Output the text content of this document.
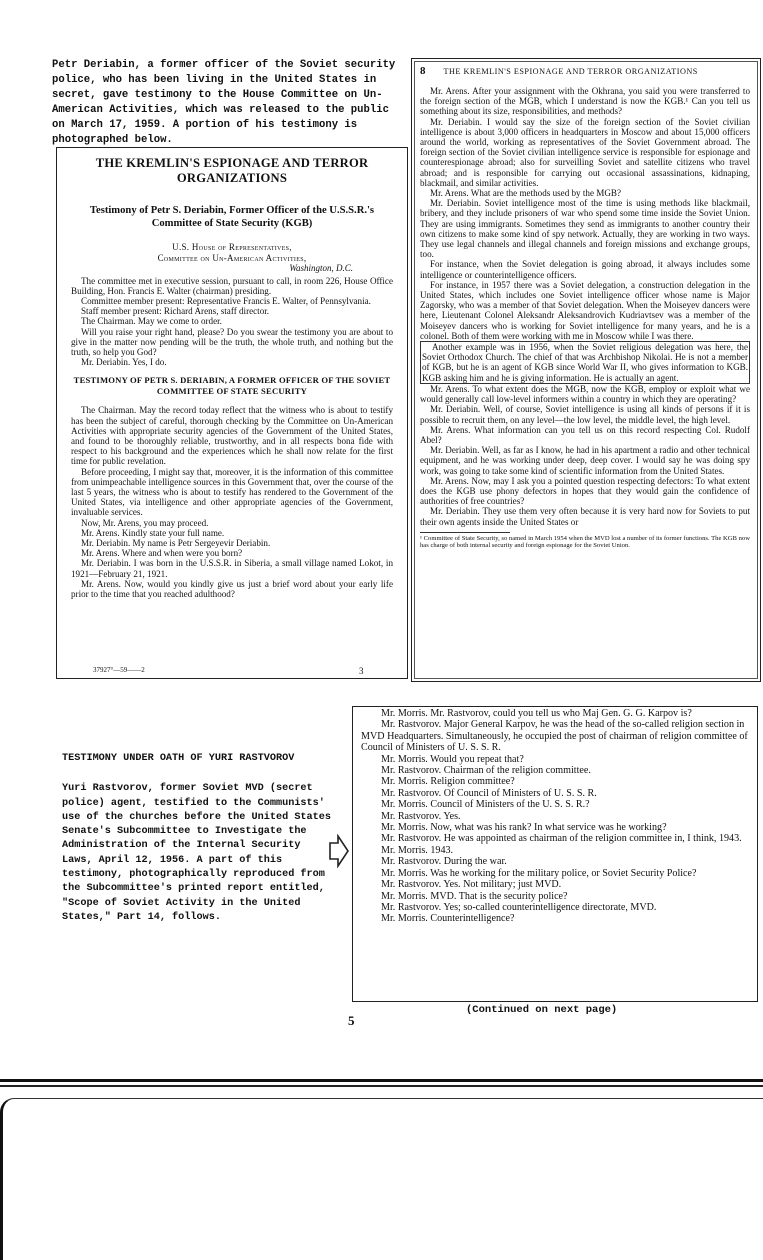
Petr Deriabin, a former officer of the Soviet security police, who has been living in the United States in secret, gave testimony to the House Committee on Un-American Activities, which was released to the public on March 17, 1959. A portion of his testimony is photographed below.
THE KREMLIN'S ESPIONAGE AND TERROR ORGANIZATIONS
Testimony of Petr S. Deriabin, Former Officer of the U.S.S.R.'s Committee of State Security (KGB)
U.S. House of Representatives,
Committee on Un-American Activities,
Washington, D.C.

The committee met in executive session, pursuant to call, in room 226, House Office Building, Hon. Francis E. Walter (chairman) presiding.

Committee member present: Representative Francis E. Walter, of Pennsylvania.

Staff member present: Richard Arens, staff director.

The Chairman. May we come to order.

Will you raise your right hand, please? Do you swear the testimony you are about to give in the matter now pending will be the truth, the whole truth, and nothing but the truth, so help you God?

Mr. Deriabin. Yes, I do.

TESTIMONY OF PETR S. DERIABIN, A FORMER OFFICER OF THE SOVIET COMMITTEE OF STATE SECURITY

The Chairman. May the record today reflect that the witness who is about to testify has been the subject of careful, thorough checking by the Committee on Un-American Activities with appropriate security agencies of the Government of the United States, and found to be thoroughly reliable, trustworthy, and in all respects bona fide with respect to his background and the experiences which he shall now relate for the first time for public revelation.

Before proceeding, I might say that, moreover, it is the information of this committee from unimpeachable intelligence sources in this Government that, over the course of the last 5 years, the witness who is about to testify has rendered to the Government of the United States, via intelligence and other appropriate agencies of the Government, invaluable services.

Now, Mr. Arens, you may proceed.

Mr. Arens. Kindly state your full name.

Mr. Deriabin. My name is Petr Sergeyevir Deriabin.

Mr. Arens. Where and when were you born?

Mr. Deriabin. I was born in the U.S.S.R. in Siberia, a small village named Lokot, in 1921—February 21, 1921.

Mr. Arens. Now, would you kindly give us just a brief word about your early life prior to the time that you reached adulthood?

37927°—59——2	3
8 THE KREMLIN'S ESPIONAGE AND TERROR ORGANIZATIONS

Mr. Arens. After your assignment with the Okhrana, you said you were transferred to the foreign section of the MGB, which I understand is now the KGB.¹ Can you tell us something about its size, responsibilities, and methods?

Mr. Deriabin. I would say the size of the foreign section of the Soviet civilian intelligence is about 3,000 officers in headquarters in Moscow and about 15,000 officers around the world, working as representatives of the Soviet Government abroad. The foreign section of the Soviet civilian intelligence service is responsible for espionage and counterespionage abroad; also for surveilling Soviet and satellite citizens who travel abroad; and is responsible for carrying out occasional assassinations, kidnaping, blackmail, and similar activities.

Mr. Arens. What are the methods used by the MGB?

Mr. Deriabin. Soviet intelligence most of the time is using methods like blackmail, bribery, and they include prisoners of war who spend some time inside the Soviet Union. They are using immigrants. Sometimes they send as immigrants to another country their own citizens to make some kind of spy network. Actually, they are working in two ways. They use legal channels and illegal channels and foreign missions and exchange groups, too.

For instance, when the Soviet delegation is going abroad, it always includes some intelligence or counterintelligence officers.

For instance, in 1957 there was a Soviet delegation, a construction delegation in the United States, which includes one Soviet intelligence officer whose name is Major Zagorsky, who was a member of that Soviet delegation. When the Moiseyev dancers were here, Lieutenant Colonel Aleksandr Aleksandrovich Kudriavtsev was a member of the Moiseyev dancers who is working for Soviet intelligence for many years, and he is a colonel. Both of them were working with me in Moscow while I was there.

Another example was in 1956, when the Soviet religious delegation was here, the Soviet Orthodox Church. The chief of that was Archbishop Nikolai. He is not a member of KGB, but he is an agent of KGB since World War II, who gives information to KGB. KGB asking him and he is giving information. He is actually an agent.

Mr. Arens. To what extent does the MGB, now the KGB, employ or exploit what we would generally call low-level informers within a country in which they are operating?

Mr. Deriabin. Well, of course, Soviet intelligence is using all kinds of persons if it is possible to recruit them, on any level—the low level, the middle level, the high level.

Mr. Arens. What information can you tell us on this record respecting Col. Rudolf Abel?

Mr. Deriabin. Well, as far as I know, he had in his apartment a radio and other technical equipment, and he was working under deep, deep cover. I would say he was doing spy work, was going to take some kind of scientific information from the United States.

Mr. Arens. Now, may I ask you a pointed question respecting defectors: To what extent does the KGB use phony defectors in hopes that they would gain the confidence of authorities of free countries?

Mr. Deriabin. They use them very often because it is very hard now for Soviets to put their own agents inside the United States or

¹ Committee of State Security, so named in March 1954 when the MVD lost a number of its former functions. The KGB now has charge of both internal security and foreign espionage for the Soviet Union.
TESTIMONY UNDER OATH OF YURI RASTVOROV
Yuri Rastvorov, former Soviet MVD (secret police) agent, testified to the Communists' use of the churches before the United States Senate's Subcommittee to Investigate the Administration of the Internal Security Laws, April 12, 1956. A part of this testimony, photographically reproduced from the Subcommittee's printed report entitled, "Scope of Soviet Activity in the United States," Part 14, follows.

Mr. Morris. Mr. Rastvorov, could you tell us who Maj Gen. G. G. Karpov is?

Mr. Rastvorov. Major General Karpov, he was the head of the so-called religion section in MVD Headquarters. Simultaneously, he occupied the post of chairman of religion committee of Council of Ministers of U. S. S. R.

Mr. Morris. Would you repeat that?

Mr. Rastvorov. Chairman of the religion committee.

Mr. Morris. Religion committee?

Mr. Rastvorov. Of Council of Ministers of U. S. S. R.

Mr. Morris. Council of Ministers of the U. S. S. R.?

Mr. Rastvorov. Yes.

Mr. Morris. Now, what was his rank? In what service was he working?

Mr. Rastvorov. He was appointed as chairman of the religion committee in, I think, 1943.

Mr. Morris. 1943.

Mr. Rastvorov. During the war.

Mr. Morris. Was he working for the military police, or Soviet Security Police?

Mr. Rastvorov. Yes. Not military; just MVD.

Mr. Morris. MVD. That is the security police?

Mr. Rastvorov. Yes; so-called counterintelligence directorate, MVD.

Mr. Morris. Counterintelligence?

5
(Continued on next page)
